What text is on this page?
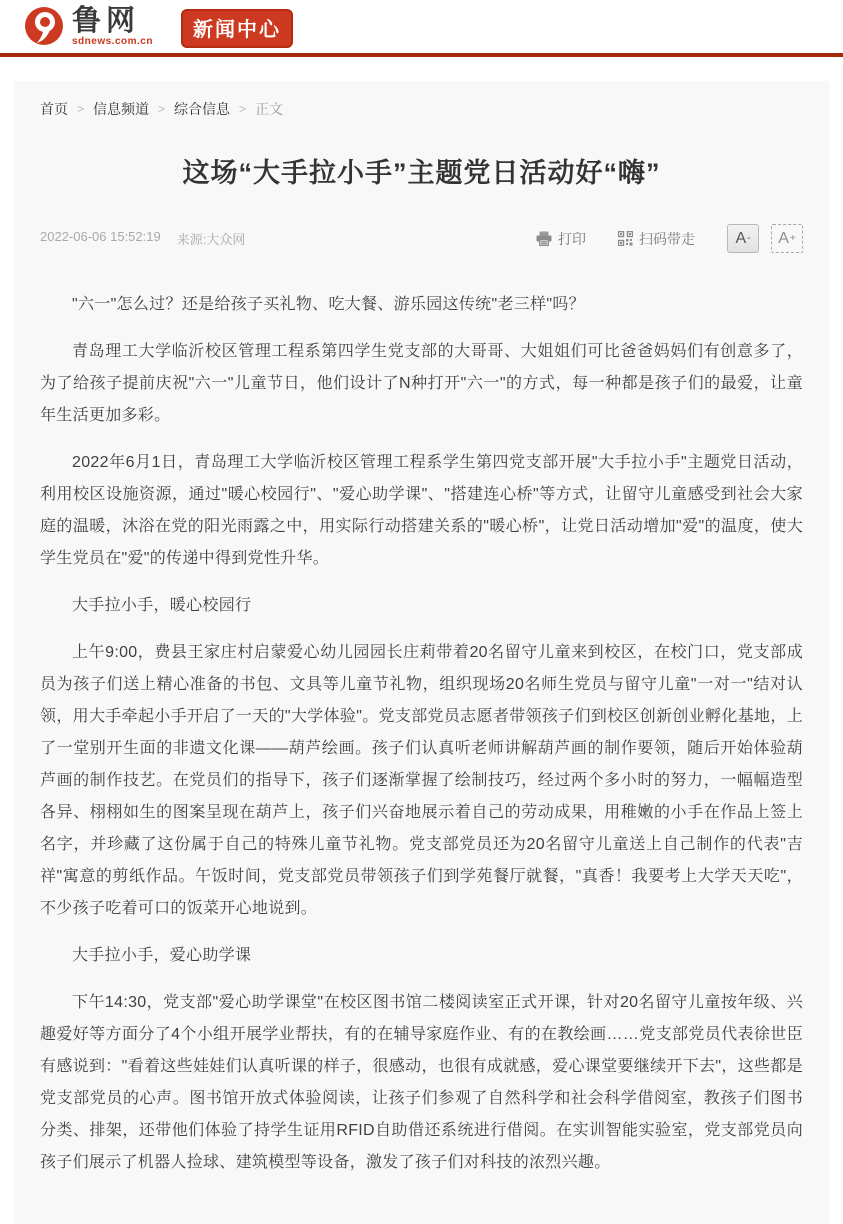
鲁网
sdnews.com.cn
新闻中心
首页 > 信息频道 > 综合信息 > 正文
这场“大手拉小手”主题党日活动好“嗨”
2022-06-06 15:52:19 来源:大众网	打印	扫码带走	A - A +

"六一"怎么过？还是给孩子买礼物、吃大餐、游乐园这传统"老三样"吗？

青岛理工大学临沂校区管理工程系第四学生党支部的大哥哥、大姐姐们可比爸爸妈妈们有创意多了，为了给孩子提前庆祝"六一"儿童节日，他们设计了N种打开"六一"的方式，每一种都是孩子们的最爱，让童年生活更加多彩。

2022年6月1日，青岛理工大学临沂校区管理工程系学生第四党支部开展"大手拉小手"主题党日活动，利用校区设施资源，通过"暖心校园行"、"爱心助学课"、"搭建连心桥"等方式，让留守儿童感受到社会大家庭的温暖，沐浴在党的阳光雨露之中，用实际行动搭建关系的"暖心桥"，让党日活动增加"爱"的温度，使大学生党员在"爱"的传递中得到党性升华。

大手拉小手，暖心校园行

上午9:00，费县王家庄村启蒙爱心幼儿园园长庄莉带着20名留守儿童来到校区，在校门口，党支部成员为孩子们送上精心准备的书包、文具等儿童节礼物，组织现场20名师生党员与留守儿童"一对一"结对认领，用大手牵起小手开启了一天的"大学体验"。党支部党员志愿者带领孩子们到校区创新创业孵化基地，上了一堂别开生面的非遗文化课——葫芦绘画。孩子们认真听老师讲解葫芦画的制作要领，随后开始体验葫芦画的制作技艺。在党员们的指导下，孩子们逐渐掌握了绘制技巧，经过两个多小时的努力，一幅幅造型各异、栩栩如生的图案呈现在葫芦上，孩子们兴奋地展示着自己的劳动成果，用稚嫩的小手在作品上签上名字，并珍藏了这份属于自己的特殊儿童节礼物。党支部党员还为20名留守儿童送上自己制作的代表"吉祥"寓意的剪纸作品。午饭时间，党支部党员带领孩子们到学苑餐厅就餐，"真香！我要考上大学天天吃"，不少孩子吃着可口的饭菜开心地说到。

大手拉小手，爱心助学课

下午14:30，党支部"爱心助学课堂"在校区图书馆二楼阅读室正式开课，针对20名留守儿童按年级、兴趣爱好等方面分了4个小组开展学业帮扶，有的在辅导家庭作业、有的在教绘画……党支部党员代表徐世臣有感说到："看着这些娃娃们认真听课的样子，很感动，也很有成就感，爱心课堂要继续开下去"，这些都是党支部党员的心声。图书馆开放式体验阅读，让孩子们参观了自然科学和社会科学借阅室，教孩子们图书分类、排架，还带他们体验了持学生证用RFID自助借还系统进行借阅。在实训智能实验室，党支部党员向孩子们展示了机器人捡球、建筑模型等设备，激发了孩子们对科技的浓烈兴趣。
